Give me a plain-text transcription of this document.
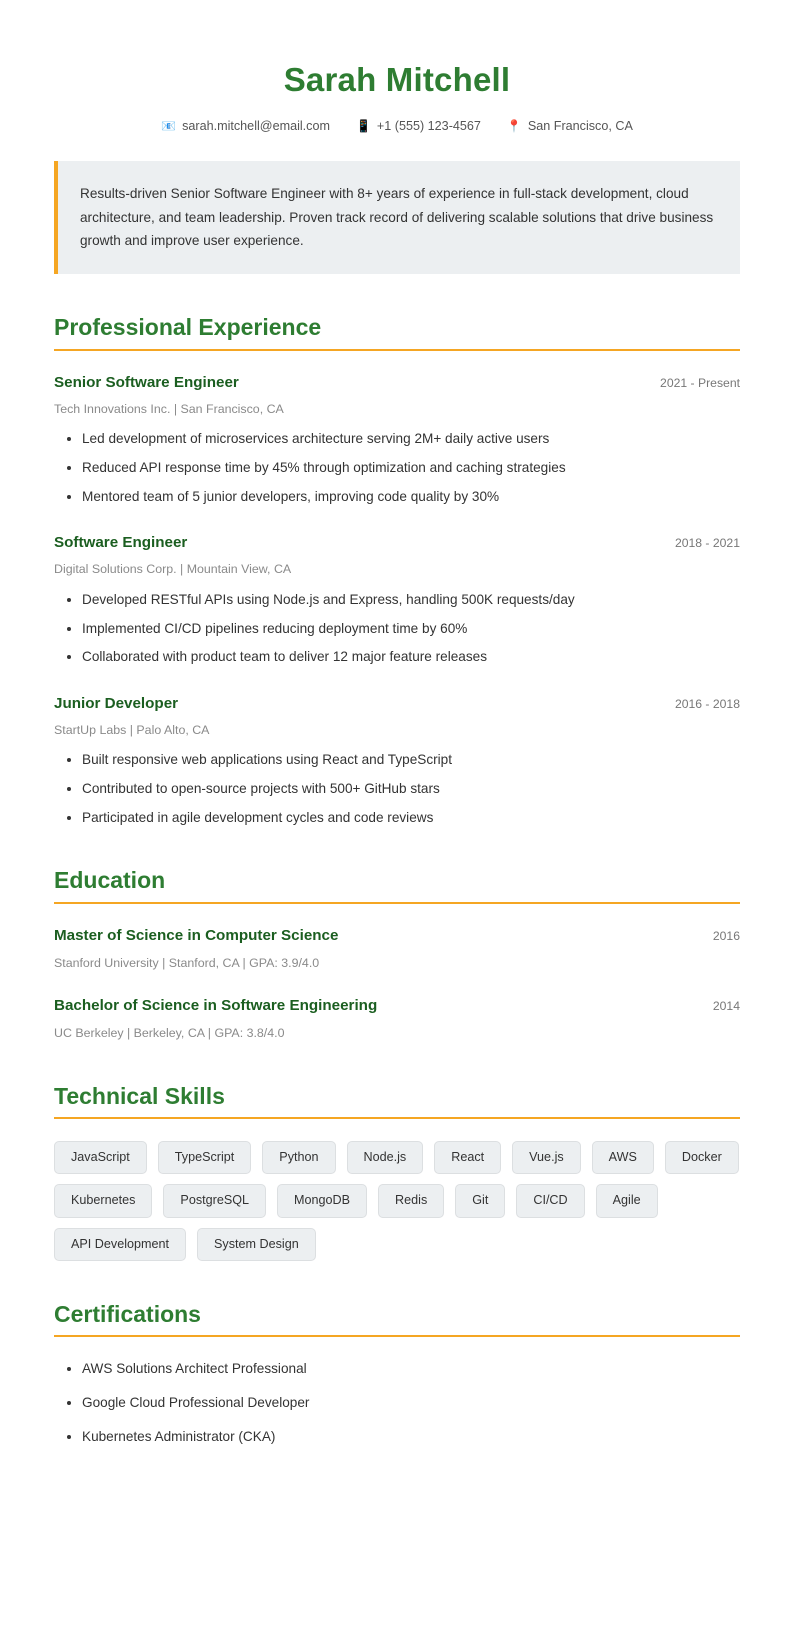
Sarah Mitchell
📧 sarah.mitchell@email.com 📱 +1 (555) 123-4567 📍 San Francisco, CA
Results-driven Senior Software Engineer with 8+ years of experience in full-stack development, cloud architecture, and team leadership. Proven track record of delivering scalable solutions that drive business growth and improve user experience.
Professional Experience
Senior Software Engineer	2021 - Present
Tech Innovations Inc. | San Francisco, CA
• Led development of microservices architecture serving 2M+ daily active users
• Reduced API response time by 45% through optimization and caching strategies
• Mentored team of 5 junior developers, improving code quality by 30%
Software Engineer	2018 - 2021
Digital Solutions Corp. | Mountain View, CA
• Developed RESTful APIs using Node.js and Express, handling 500K requests/day
• Implemented CI/CD pipelines reducing deployment time by 60%
• Collaborated with product team to deliver 12 major feature releases
Junior Developer	2016 - 2018
StartUp Labs | Palo Alto, CA
• Built responsive web applications using React and TypeScript
• Contributed to open-source projects with 500+ GitHub stars
• Participated in agile development cycles and code reviews
Education
Master of Science in Computer Science	2016
Stanford University | Stanford, CA | GPA: 3.9/4.0
Bachelor of Science in Software Engineering	2014
UC Berkeley | Berkeley, CA | GPA: 3.8/4.0
Technical Skills
JavaScript	TypeScript	Python	Node.js	React	Vue.js	AWS	Docker
Kubernetes	PostgreSQL	MongoDB	Redis	Git	CI/CD	Agile
API Development	System Design
Certifications
• AWS Solutions Architect Professional
• Google Cloud Professional Developer
• Kubernetes Administrator (CKA)
